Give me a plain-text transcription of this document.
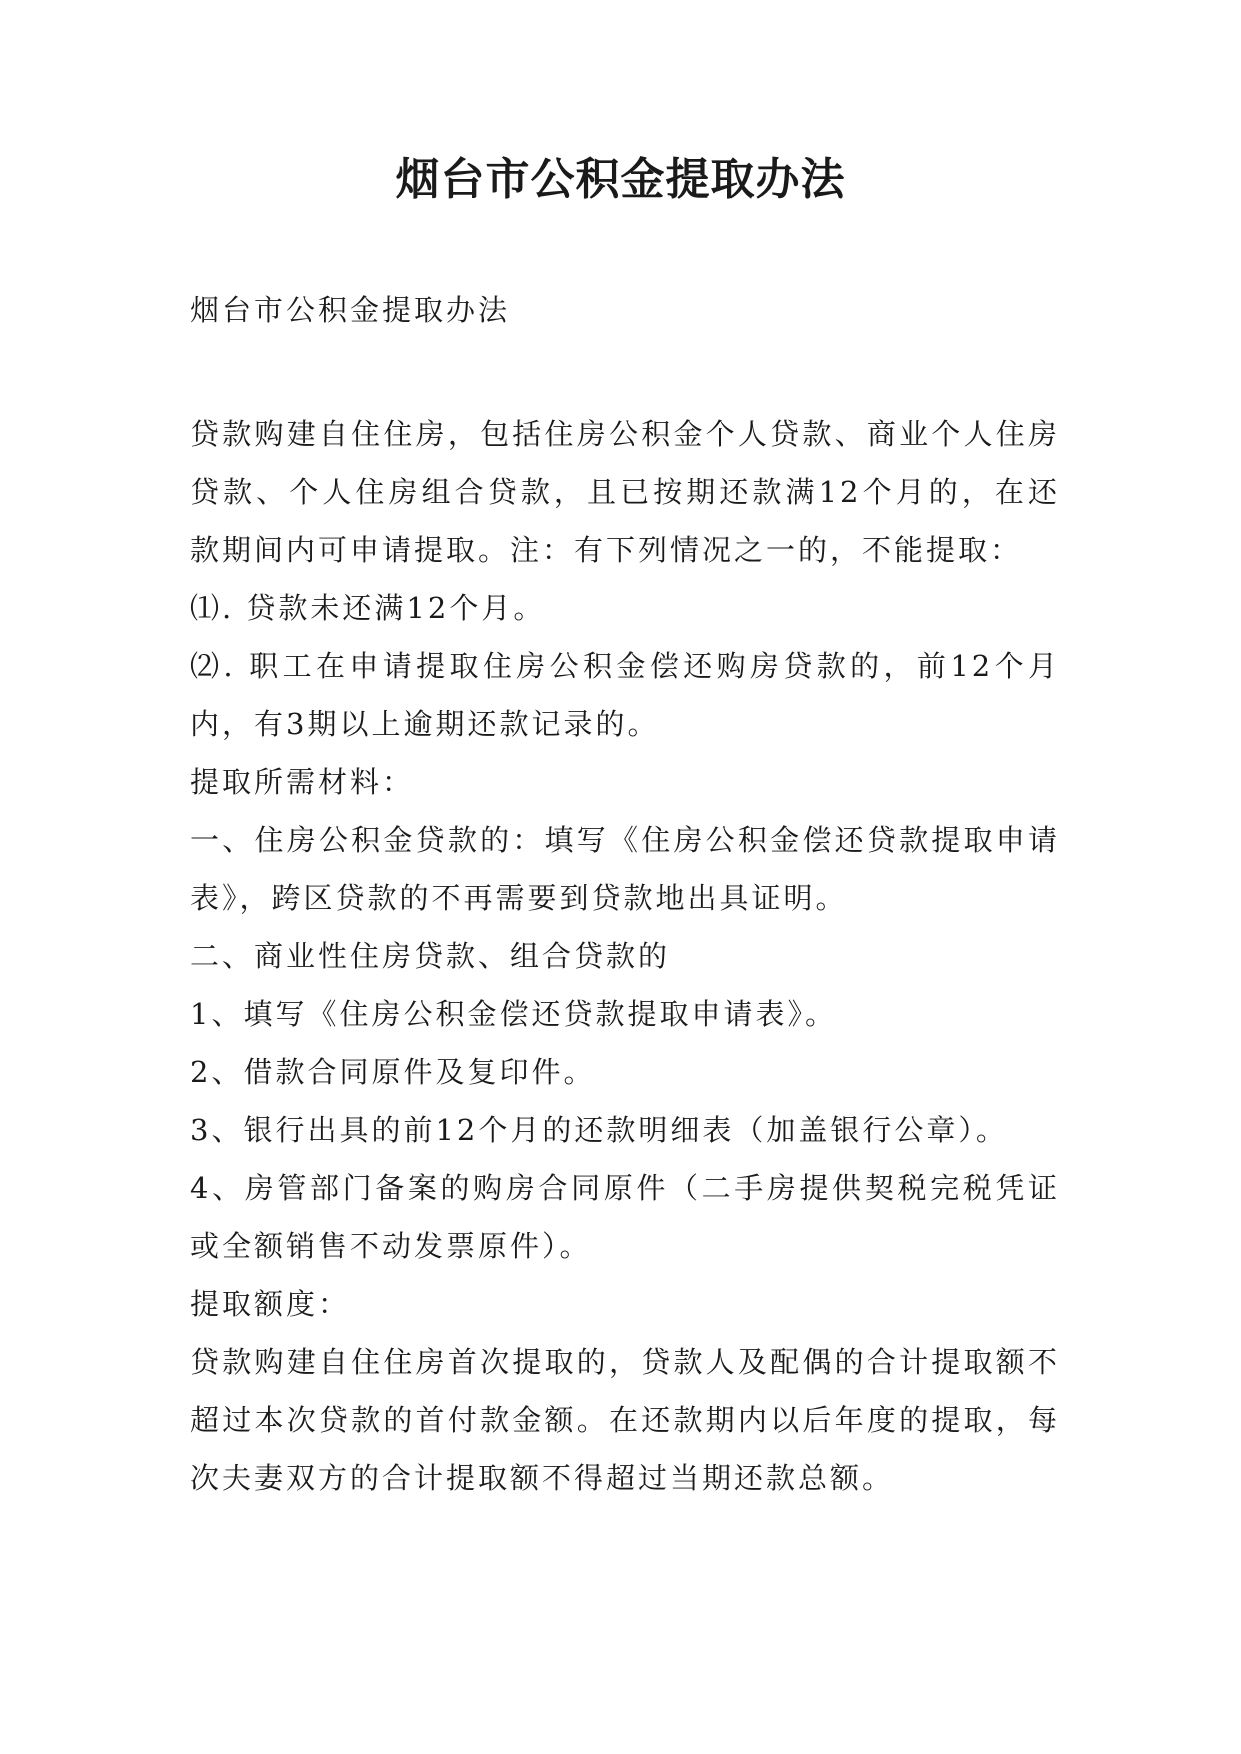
烟台市公积金提取办法

烟台市公积金提取办法

贷款购建自住住房，包括住房公积金个人贷款、商业个人住房贷款、个人住房组合贷款，且已按期还款满12个月的，在还款期间内可申请提取。注：有下列情况之一的，不能提取：

⑴. 贷款未还满12个月。

⑵. 职工在申请提取住房公积金偿还购房贷款的，前12个月内，有3期以上逾期还款记录的。

提取所需材料：

一、住房公积金贷款的：填写《住房公积金偿还贷款提取申请表》，跨区贷款的不再需要到贷款地出具证明。

二、商业性住房贷款、组合贷款的

1、填写《住房公积金偿还贷款提取申请表》。

2、借款合同原件及复印件。

3、银行出具的前12个月的还款明细表（加盖银行公章）。

4、房管部门备案的购房合同原件（二手房提供契税完税凭证或全额销售不动发票原件）。

提取额度：

贷款购建自住住房首次提取的，贷款人及配偶的合计提取额不超过本次贷款的首付款金额。在还款期内以后年度的提取，每次夫妻双方的合计提取额不得超过当期还款总额。
